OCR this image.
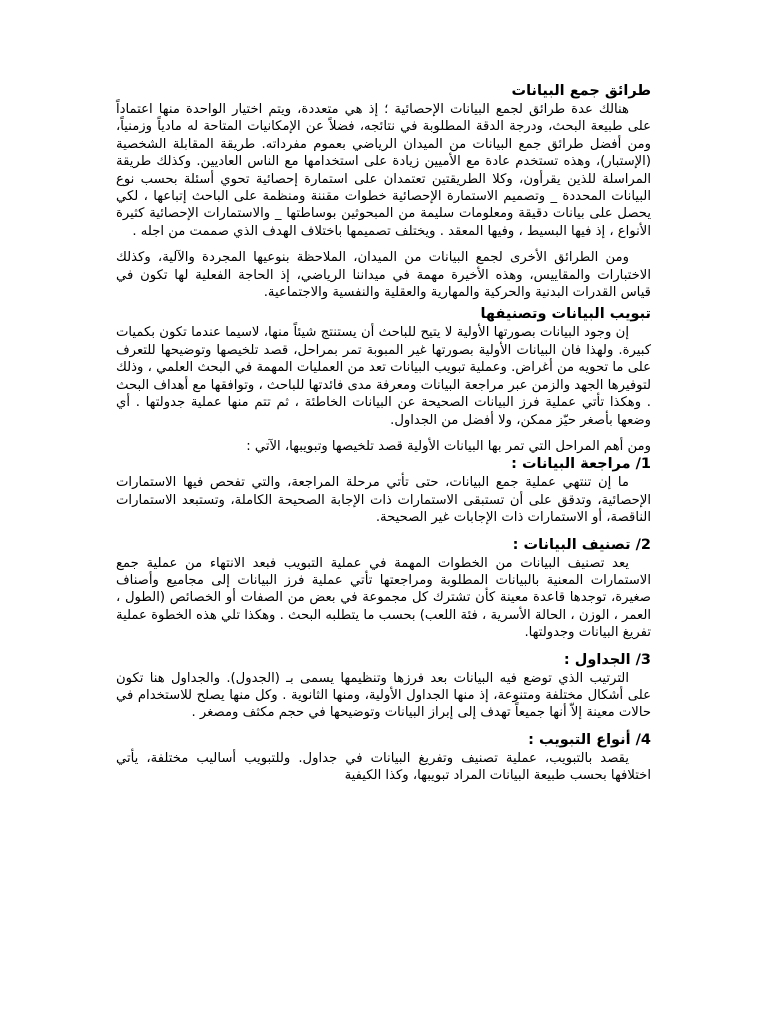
طرائق جمع البيانات

هنالك عدة طرائق لجمع البيانات الإحصائية ؛ إذ هي متعددة، ويتم اختيار الواحدة منها اعتماداً على طبيعة البحث، ودرجة الدقة المطلوبة في نتائجه، فضلاً عن الإمكانيات المتاحة له مادياً وزمنياً، ومن أفضل طرائق جمع البيانات من الميدان الرياضي بعموم مفرداته. طريقة المقابلة الشخصية (الإستبار)، وهذه تستخدم عادة مع الأميين زيادة على استخدامها مع الناس العاديين. وكذلك طريقة المراسلة للذين يقرأون، وكلا الطريقتين تعتمدان على استمارة إحصائية تحوي أسئلة بحسب نوع البيانات المحددة _ وتصميم الاستمارة الإحصائية خطوات مقننة ومنظمة على الباحث إتباعها ، لكي يحصل على بيانات دقيقة ومعلومات سليمة من المبحوثين بوساطتها _ والاستمارات الإحصائية كثيرة الأنواع ، إذ فيها البسيط ، وفيها المعقد . ويختلف تصميمها باختلاف الهدف الذي صممت من اجله .

ومن الطرائق الأخرى لجمع البيانات من الميدان، الملاحظة بنوعيها المجردة والآلية، وكذلك الاختبارات والمقاييس، وهذه الأخيرة مهمة في ميداننا الرياضي، إذ الحاجة الفعلية لها تكون في قياس القدرات البدنية والحركية والمهارية والعقلية والنفسية والاجتماعية.

تبويب البيانات وتصنيفها

إن وجود البيانات بصورتها الأولية لا يتيح للباحث أن يستنتج شيئاً منها، لاسيما عندما تكون بكميات كبيرة. ولهذا فان البيانات الأولية بصورتها غير المبوبة تمر بمراحل، قصد تلخيصها وتوضيحها للتعرف على ما تحويه من أغراض. وعملية تبويب البيانات تعد من العمليات المهمة في البحث العلمي ، وذلك لتوفيرها الجهد والزمن عبر مراجعة البيانات ومعرفة مدى فائدتها للباحث ، وتوافقها مع أهداف البحث . وهكذا تأتي عملية فرز البيانات الصحيحة عن البيانات الخاطئة ، ثم تتم منها عملية جدولتها . أي وضعها بأصغر حيّز ممكن، ولا أفضل من الجداول.

ومن أهم المراحل التي تمر بها البيانات الأولية قصد تلخيصها وتبويبها، الآتي :

1/ مراجعة البيانات :

ما إن تنتهي عملية جمع البيانات، حتى تأتي مرحلة المراجعة، والتي تفحص فيها الاستمارات الإحصائية، وتدقق على أن تستبقى الاستمارات ذات الإجابة الصحيحة الكاملة، وتستبعد الاستمارات الناقصة، أو الاستمارات ذات الإجابات غير الصحيحة.

2/ تصنيف البيانات :

يعد تصنيف البيانات من الخطوات المهمة في عملية التبويب فبعد الانتهاء من عملية جمع الاستمارات المعنية بالبيانات المطلوبة ومراجعتها تأتي عملية فرز البيانات إلى مجاميع وأصناف صغيرة، توجدها قاعدة معينة كأن تشترك كل مجموعة في بعض من الصفات أو الخصائص (الطول ، العمر ، الوزن ، الحالة الأسرية ، فئة اللعب) بحسب ما يتطلبه البحث . وهكذا تلي هذه الخطوة عملية تفريغ البيانات وجدولتها.

3/ الجداول :

الترتيب الذي توضع فيه البيانات بعد فرزها وتنظيمها يسمى بـ (الجدول). والجداول هنا تكون على أشكال مختلفة ومتنوعة، إذ منها الجداول الأولية، ومنها الثانوية . وكل منها يصلح للاستخدام في حالات معينة إلاّ أنها جميعاً تهدف إلى إبراز البيانات وتوضيحها في حجم مكثف ومصغر .

4/ أنواع التبويب :

يقصد بالتبويب، عملية تصنيف وتفريغ البيانات في جداول. وللتبويب أساليب مختلفة، يأتي اختلافها بحسب طبيعة البيانات المراد تبويبها، وكذا الكيفية
